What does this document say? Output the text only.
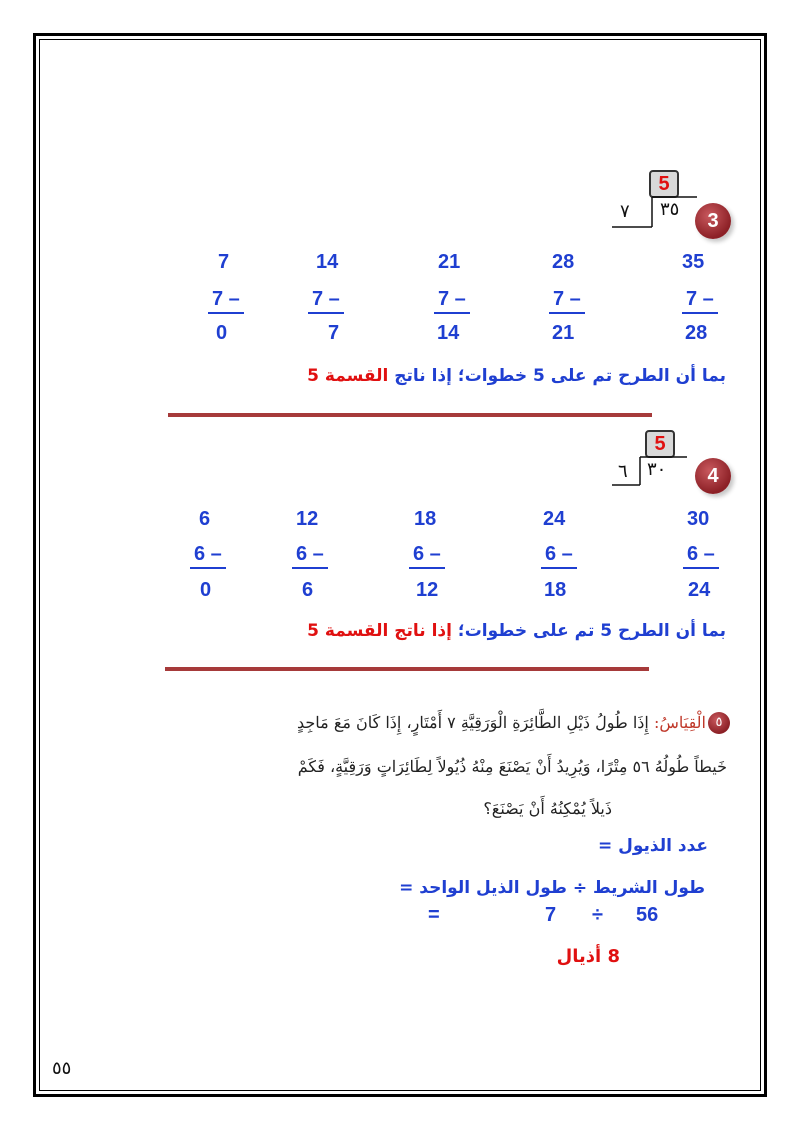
5
٣٥
٧	3
7	14	21	28	35
7 –	7 –	7 –	7 –	7 –
0	7	14	21	28
بما أن الطرح تم على 5 خطوات؛ إذا ناتج القسمة 5
5
٣٠
٦	4
6	12	18	24	30
6 –	6 –	6 –	6 –	6 –
0	6	12	18	24
بما أن الطرح 5 تم على خطوات؛ إذا ناتج القسمة 5
٥
الْقِيَاسُ: إِذَا طُولُ ذَيْلِ الطَّائِرَةِ الْوَرَقِيَّةِ ٧ أَمْتَارٍ، إِذَا كَانَ مَعَ مَاجِدٍ
خَيطاً طُولُهُ ٥٦ مِتْرًا، وَيُرِيدُ أَنْ يَصْنَعَ مِنْهُ ذُيُولاً لِطَائِرَاتٍ وَرَقِيَّةٍ، فَكَمْ
ذَيلاً يُمْكِنُهُ أَنْ يَصْنَعَ؟
عدد الذيول =
طول الشريط ÷ طول الذيل الواحد =
=	7 ÷ 56
8 أذيال
٥٥
